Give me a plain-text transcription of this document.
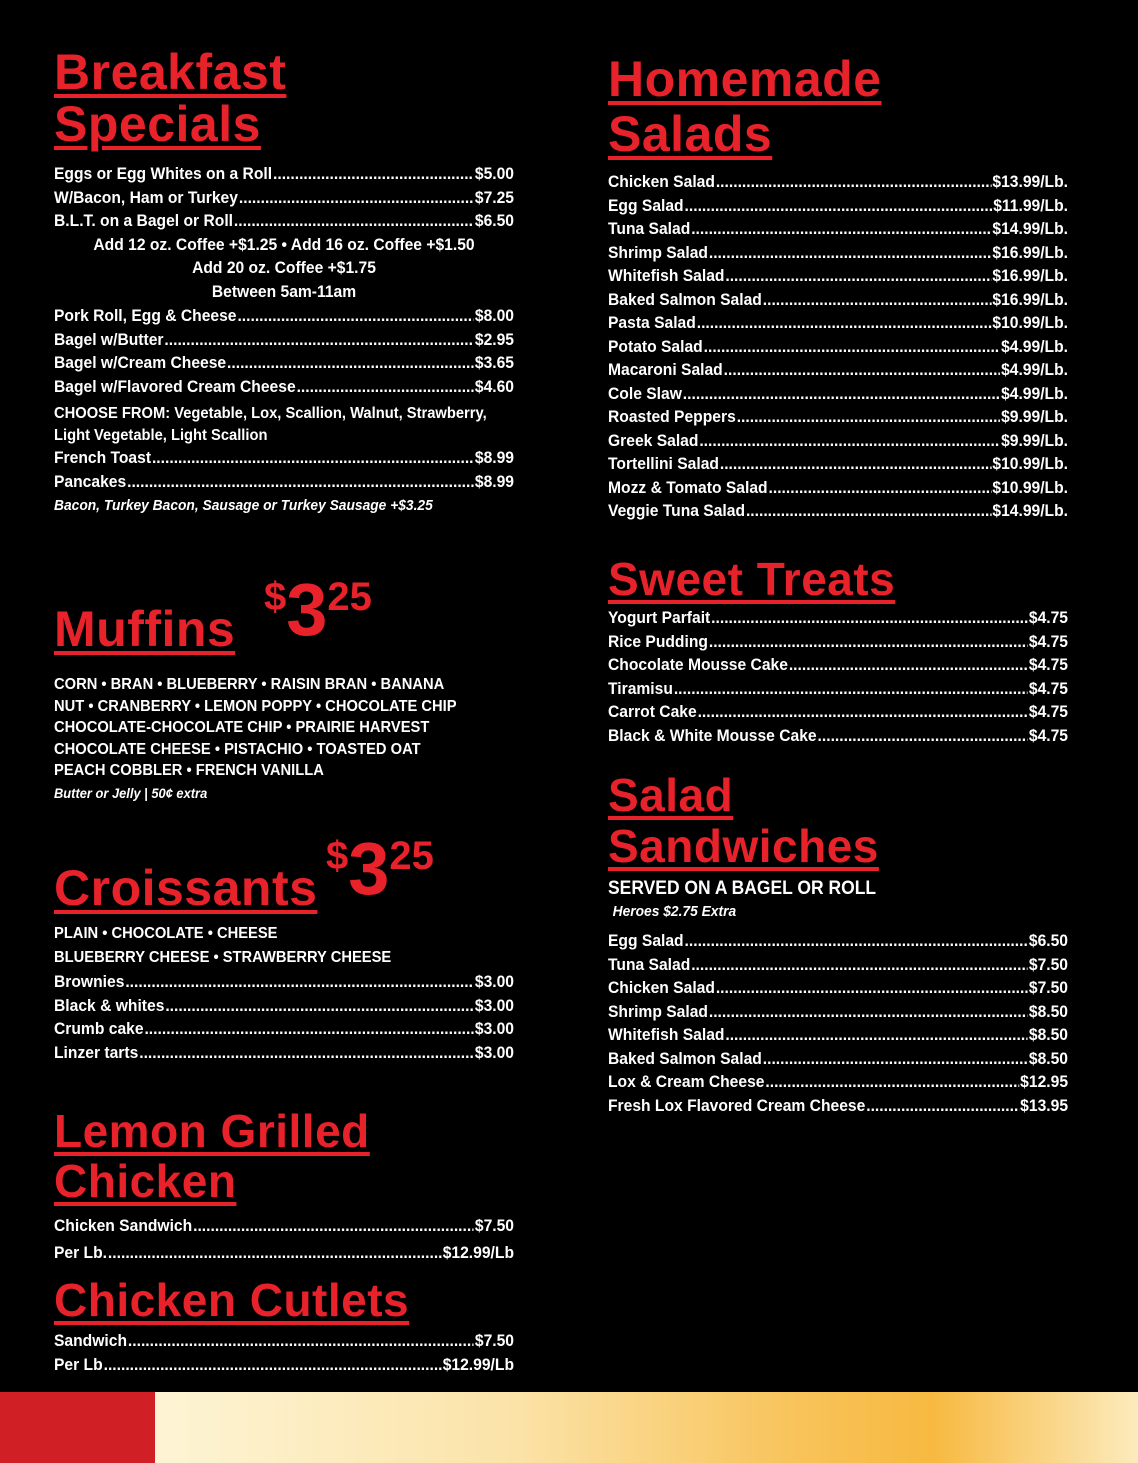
Breakfast
Specials
Eggs or Egg Whites on a Roll .....	$5.00
W/Bacon, Ham or Turkey .....	$7.25
B.L.T. on a Bagel or Roll .....	$6.50
Add 12 oz. Coffee +$1.25 • Add 16 oz. Coffee +$1.50
Add 20 oz. Coffee +$1.75
Between 5am-11am
Pork Roll, Egg & Cheese .....	$8.00
Bagel w/Butter .....	$2.95
Bagel w/Cream Cheese .....	$3.65
Bagel w/Flavored Cream Cheese .....	$4.60
CHOOSE FROM: Vegetable, Lox, Scallion, Walnut, Strawberry,
Light Vegetable, Light Scallion
French Toast .....	$8.99
Pancakes .....	$8.99
Bacon, Turkey Bacon, Sausage or Turkey Sausage +$3.25
Muffins
$325
CORN • BRAN • BLUEBERRY • RAISIN BRAN • BANANA
NUT • CRANBERRY • LEMON POPPY • CHOCOLATE CHIP
CHOCOLATE-CHOCOLATE CHIP • PRAIRIE HARVEST
CHOCOLATE CHEESE • PISTACHIO • TOASTED OAT
PEACH COBBLER • FRENCH VANILLA
Butter or Jelly | 50¢ extra
Croissants
$325
PLAIN • CHOCOLATE • CHEESE
BLUEBERRY CHEESE • STRAWBERRY CHEESE
Brownies .....	$3.00
Black & whites .....	$3.00
Crumb cake .....	$3.00
Linzer tarts .....	$3.00
Lemon Grilled
Chicken
Chicken Sandwich .....	$7.50
Per Lb. .....	$12.99/Lb
Chicken Cutlets
Sandwich .....	$7.50
Per Lb .....	$12.99/Lb
Homemade
Salads
Chicken Salad .....	$13.99/Lb.
Egg Salad .....	$11.99/Lb.
Tuna Salad .....	$14.99/Lb.
Shrimp Salad .....	$16.99/Lb.
Whitefish Salad .....	$16.99/Lb.
Baked Salmon Salad .....	$16.99/Lb.
Pasta Salad .....	$10.99/Lb.
Potato Salad .....	$4.99/Lb.
Macaroni Salad .....	$4.99/Lb.
Cole Slaw .....	$4.99/Lb.
Roasted Peppers .....	$9.99/Lb.
Greek Salad .....	$9.99/Lb.
Tortellini Salad .....	$10.99/Lb.
Mozz & Tomato Salad .....	$10.99/Lb.
Veggie Tuna Salad .....	$14.99/Lb.
Sweet Treats
Yogurt Parfait .....	$4.75
Rice Pudding .....	$4.75
Chocolate Mousse Cake .....	$4.75
Tiramisu .....	$4.75
Carrot Cake .....	$4.75
Black & White Mousse Cake .....	$4.75
Salad
Sandwiches
SERVED ON A BAGEL OR ROLL
Heroes $2.75 Extra
Egg Salad .....	$6.50
Tuna Salad .....	$7.50
Chicken Salad .....	$7.50
Shrimp Salad .....	$8.50
Whitefish Salad .....	$8.50
Baked Salmon Salad .....	$8.50
Lox & Cream Cheese .....	$12.95
Fresh Lox Flavored Cream Cheese .....	$13.95
